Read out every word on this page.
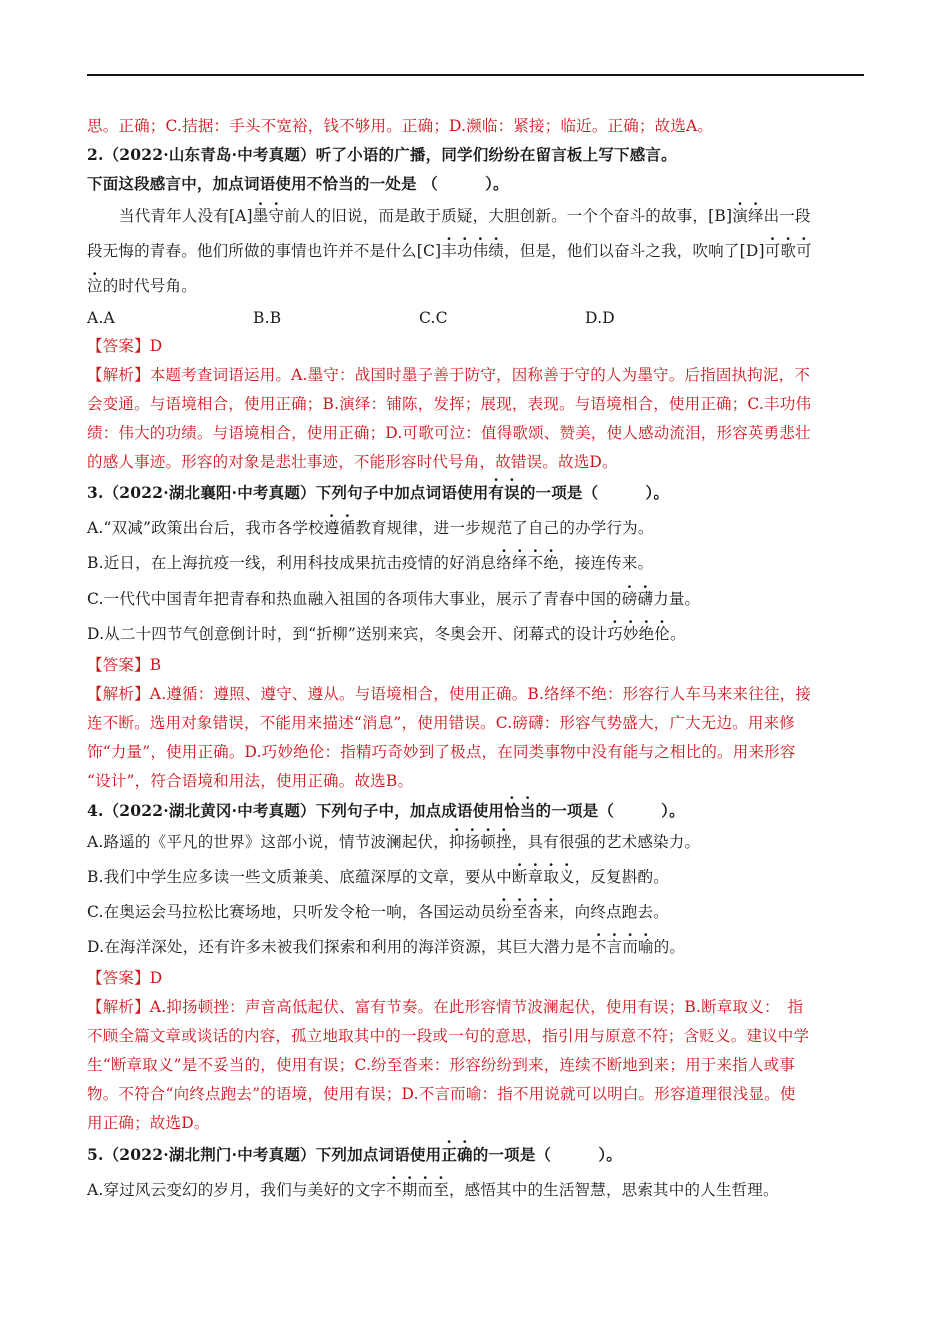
思。正确；C.拮据：手头不宽裕，钱不够用。正确；D.濒临：紧接；临近。正确；故选A。
2.（2022·山东青岛·中考真题）听了小语的广播，同学们纷纷在留言板上写下感言。
下面这段感言中，加点词语使用不恰当的一处是 （　　　）。
当代青年人没有[A]墨守前人的旧说，而是敢于质疑，大胆创新。一个个奋斗的故事，[B]演绎出一段
段无悔的青春。他们所做的事情也许并不是什么[C]丰功伟绩，但是，他们以奋斗之我，吹响了[D]可歌可
泣的时代号角。
A.A	B.B	C.C	D.D
【答案】D
【解析】本题考查词语运用。A.墨守：战国时墨子善于防守，因称善于守的人为墨守。后指固执拘泥，不
会变通。与语境相合，使用正确；B.演绎：铺陈，发挥；展现，表现。与语境相合，使用正确；C.丰功伟
绩：伟大的功绩。与语境相合，使用正确；D.可歌可泣：值得歌颂、赞美，使人感动流泪，形容英勇悲壮
的感人事迹。形容的对象是悲壮事迹，不能形容时代号角，故错误。故选D。
3.（2022·湖北襄阳·中考真题）下列句子中加点词语使用有误的一项是（　　　）。
A.“双减”政策出台后，我市各学校遵循教育规律，进一步规范了自己的办学行为。
B.近日，在上海抗疫一线，利用科技成果抗击疫情的好消息络绎不绝，接连传来。
C.一代代中国青年把青春和热血融入祖国的各项伟大事业，展示了青春中国的磅礴力量。
D.从二十四节气创意倒计时，到“折柳”送别来宾，冬奥会开、闭幕式的设计巧妙绝伦。
【答案】B
【解析】A.遵循：遵照、遵守、遵从。与语境相合，使用正确。B.络绎不绝：形容行人车马来来往往，接
连不断。选用对象错误，不能用来描述“消息”，使用错误。C.磅礴：形容气势盛大，广大无边。用来修
饰“力量”，使用正确。D.巧妙绝伦：指精巧奇妙到了极点，在同类事物中没有能与之相比的。用来形容
“设计”，符合语境和用法，使用正确。故选B。
4.（2022·湖北黄冈·中考真题）下列句子中，加点成语使用恰当的一项是（　　　）。
A.路遥的《平凡的世界》这部小说，情节波澜起伏，抑扬顿挫，具有很强的艺术感染力。
B.我们中学生应多读一些文质兼美、底蕴深厚的文章，要从中断章取义，反复斟酌。
C.在奥运会马拉松比赛场地，只听发令枪一响，各国运动员纷至沓来，向终点跑去。
D.在海洋深处，还有许多未被我们探索和利用的海洋资源，其巨大潜力是不言而喻的。
【答案】D
【解析】A.抑扬顿挫：声音高低起伏、富有节奏。在此形容情节波澜起伏，使用有误；B.断章取义：　指
不顾全篇文章或谈话的内容，孤立地取其中的一段或一句的意思，指引用与原意不符；含贬义。建议中学
生“断章取义”是不妥当的，使用有误；C.纷至沓来：形容纷纷到来，连续不断地到来；用于来指人或事
物。不符合“向终点跑去”的语境，使用有误；D.不言而喻：指不用说就可以明白。形容道理很浅显。使
用正确；故选D。
5.（2022·湖北荆门·中考真题）下列加点词语使用正确的一项是（　　　）。
A.穿过风云变幻的岁月，我们与美好的文字不期而至，感悟其中的生活智慧，思索其中的人生哲理。
